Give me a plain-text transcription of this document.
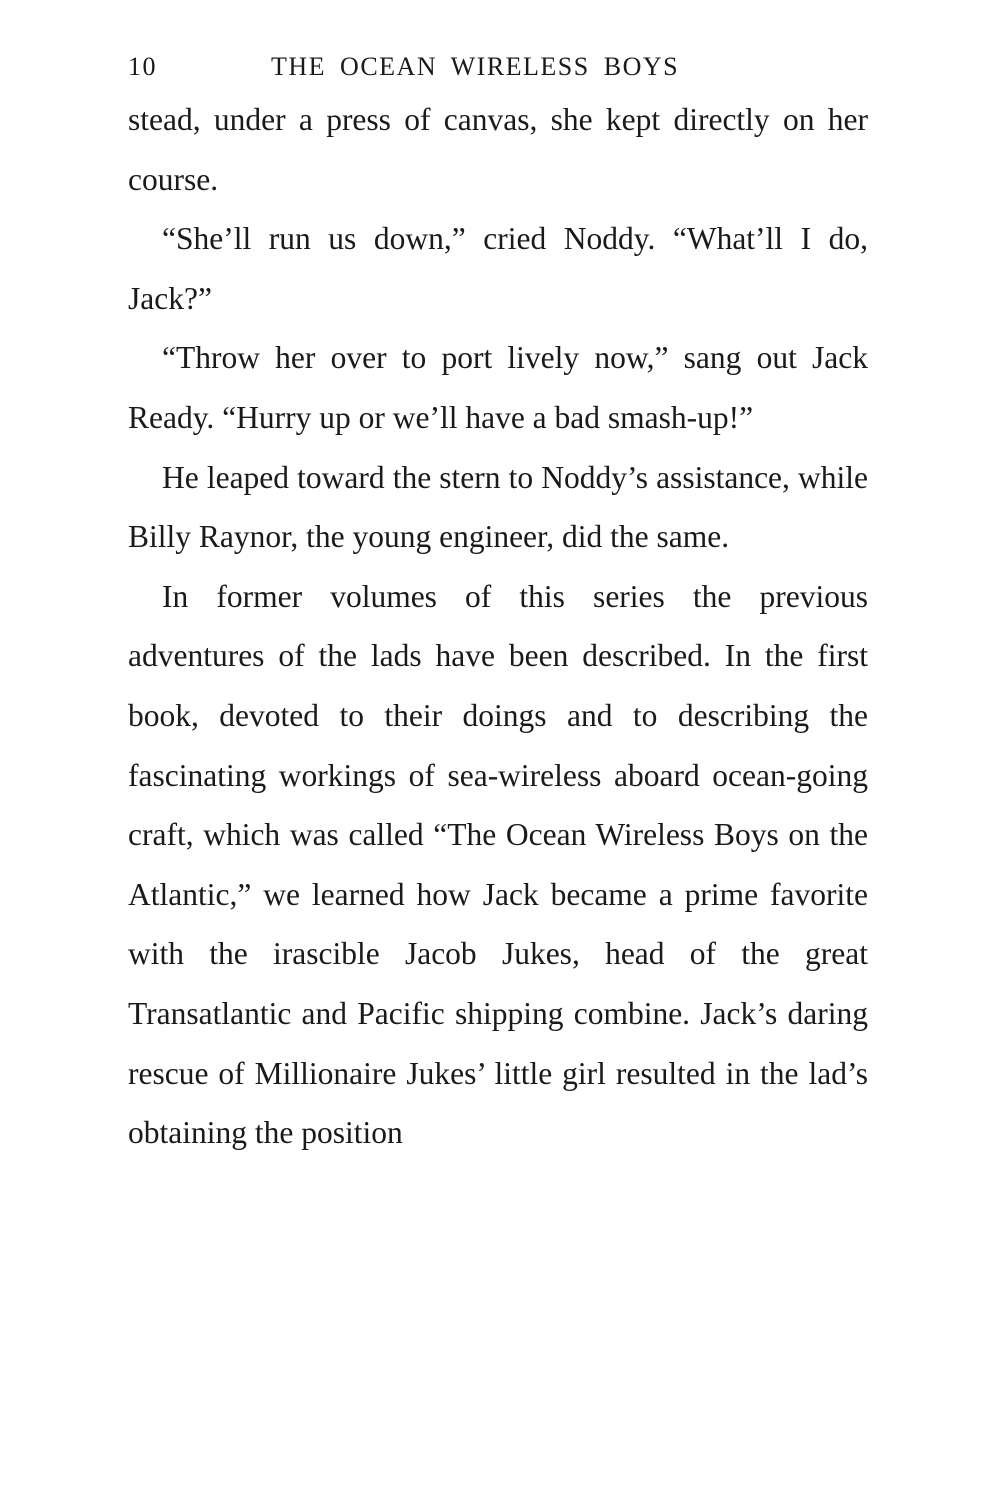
10	THE OCEAN WIRELESS BOYS

stead, under a press of canvas, she kept directly on her course.

“She’ll run us down,” cried Noddy. “What’ll I do, Jack?”

“Throw her over to port lively now,” sang out Jack Ready. “Hurry up or we’ll have a bad smash-up!”

He leaped toward the stern to Noddy’s assistance, while Billy Raynor, the young engineer, did the same.

In former volumes of this series the previous adventures of the lads have been described. In the first book, devoted to their doings and to describing the fascinating workings of sea-wireless aboard ocean-going craft, which was called “The Ocean Wireless Boys on the Atlantic,” we learned how Jack became a prime favorite with the irascible Jacob Jukes, head of the great Transatlantic and Pacific shipping combine. Jack’s daring rescue of Millionaire Jukes’ little girl resulted in the lad’s obtaining the position
